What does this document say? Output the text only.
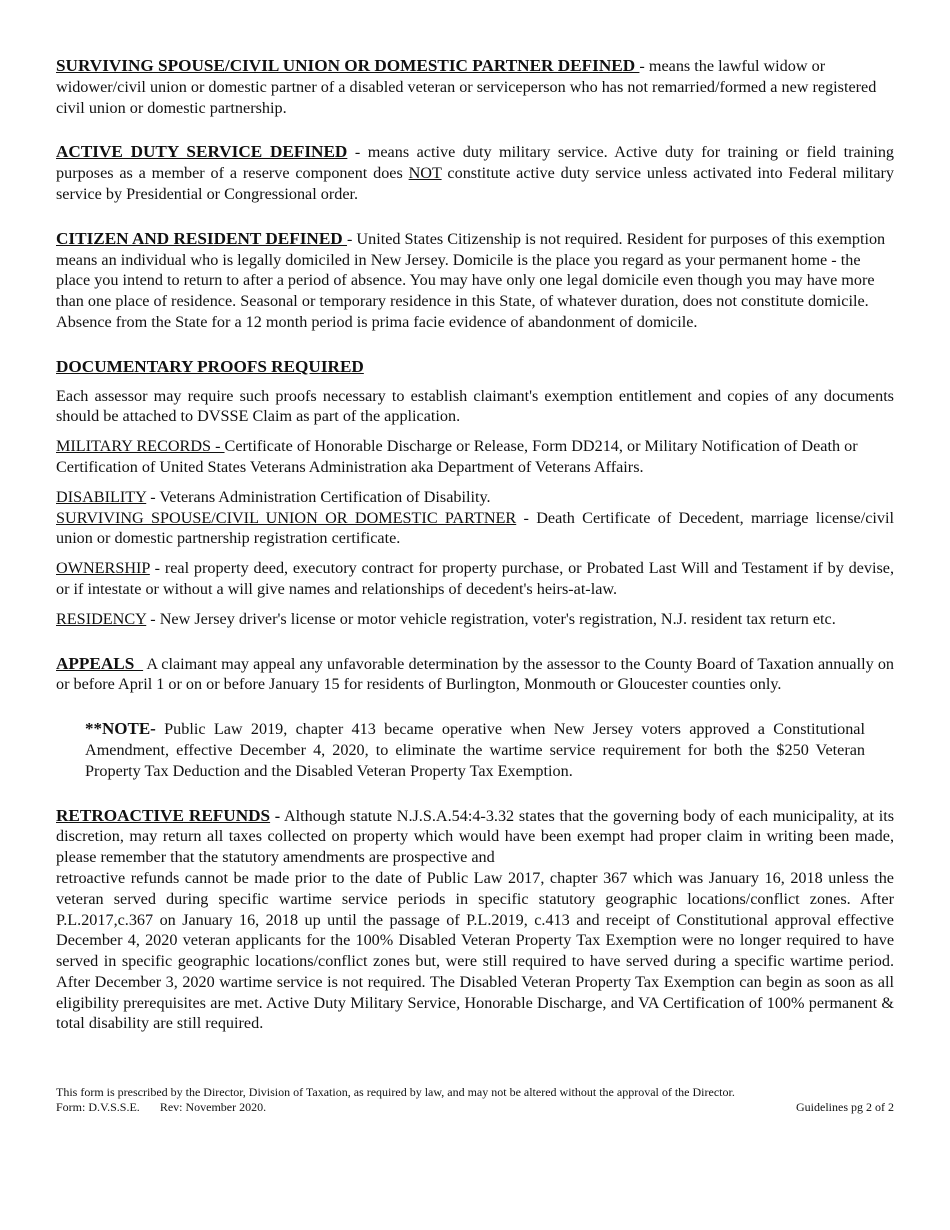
SURVIVING SPOUSE/CIVIL UNION OR DOMESTIC PARTNER DEFINED - means the lawful widow or widower/civil union or domestic partner of a disabled veteran or serviceperson who has not remarried/formed a new registered civil union or domestic partnership.

ACTIVE DUTY SERVICE DEFINED - means active duty military service. Active duty for training or field training purposes as a member of a reserve component does NOT constitute active duty service unless activated into Federal military service by Presidential or Congressional order.

CITIZEN AND RESIDENT DEFINED - United States Citizenship is not required. Resident for purposes of this exemption means an individual who is legally domiciled in New Jersey. Domicile is the place you regard as your permanent home - the place you intend to return to after a period of absence. You may have only one legal domicile even though you may have more than one place of residence. Seasonal or temporary residence in this State, of whatever duration, does not constitute domicile. Absence from the State for a 12 month period is prima facie evidence of abandonment of domicile.

DOCUMENTARY PROOFS REQUIRED

Each assessor may require such proofs necessary to establish claimant's exemption entitlement and copies of any documents should be attached to DVSSE Claim as part of the application.

MILITARY RECORDS - Certificate of Honorable Discharge or Release, Form DD214, or Military Notification of Death or Certification of United States Veterans Administration aka Department of Veterans Affairs.

DISABILITY - Veterans Administration Certification of Disability.

SURVIVING SPOUSE/CIVIL UNION OR DOMESTIC PARTNER - Death Certificate of Decedent, marriage license/civil union or domestic partnership registration certificate.

OWNERSHIP - real property deed, executory contract for property purchase, or Probated Last Will and Testament if by devise, or if intestate or without a will give names and relationships of decedent's heirs-at-law.

RESIDENCY - New Jersey driver's license or motor vehicle registration, voter's registration, N.J. resident tax return etc.

APPEALS   A claimant may appeal any unfavorable determination by the assessor to the County Board of Taxation annually on or before April 1 or on or before January 15 for residents of Burlington, Monmouth or Gloucester counties only.

**NOTE- Public Law 2019, chapter 413 became operative when New Jersey voters approved a Constitutional Amendment, effective December 4, 2020, to eliminate the wartime service requirement for both the $250 Veteran Property Tax Deduction and the Disabled Veteran Property Tax Exemption.

RETROACTIVE REFUNDS - Although statute N.J.S.A.54:4-3.32 states that the governing body of each municipality, at its discretion, may return all taxes collected on property which would have been exempt had proper claim in writing been made, please remember that the statutory amendments are prospective and

retroactive refunds cannot be made prior to the date of Public Law 2017, chapter 367 which was January 16, 2018 unless the veteran served during specific wartime service periods in specific statutory geographic locations/conflict zones. After P.L.2017,c.367 on January 16, 2018 up until the passage of P.L.2019, c.413 and receipt of Constitutional approval effective December 4, 2020 veteran applicants for the 100% Disabled Veteran Property Tax Exemption were no longer required to have served in specific geographic locations/conflict zones but, were still required to have served during a specific wartime period. After December 3, 2020 wartime service is not required. The Disabled Veteran Property Tax Exemption can begin as soon as all eligibility prerequisites are met. Active Duty Military Service, Honorable Discharge, and VA Certification of 100% permanent & total disability are still required.

This form is prescribed by the Director, Division of Taxation, as required by law, and may not be altered without the approval of the Director.
Form: D.V.S.S.E. Rev: November 2020.	Guidelines pg 2 of 2
